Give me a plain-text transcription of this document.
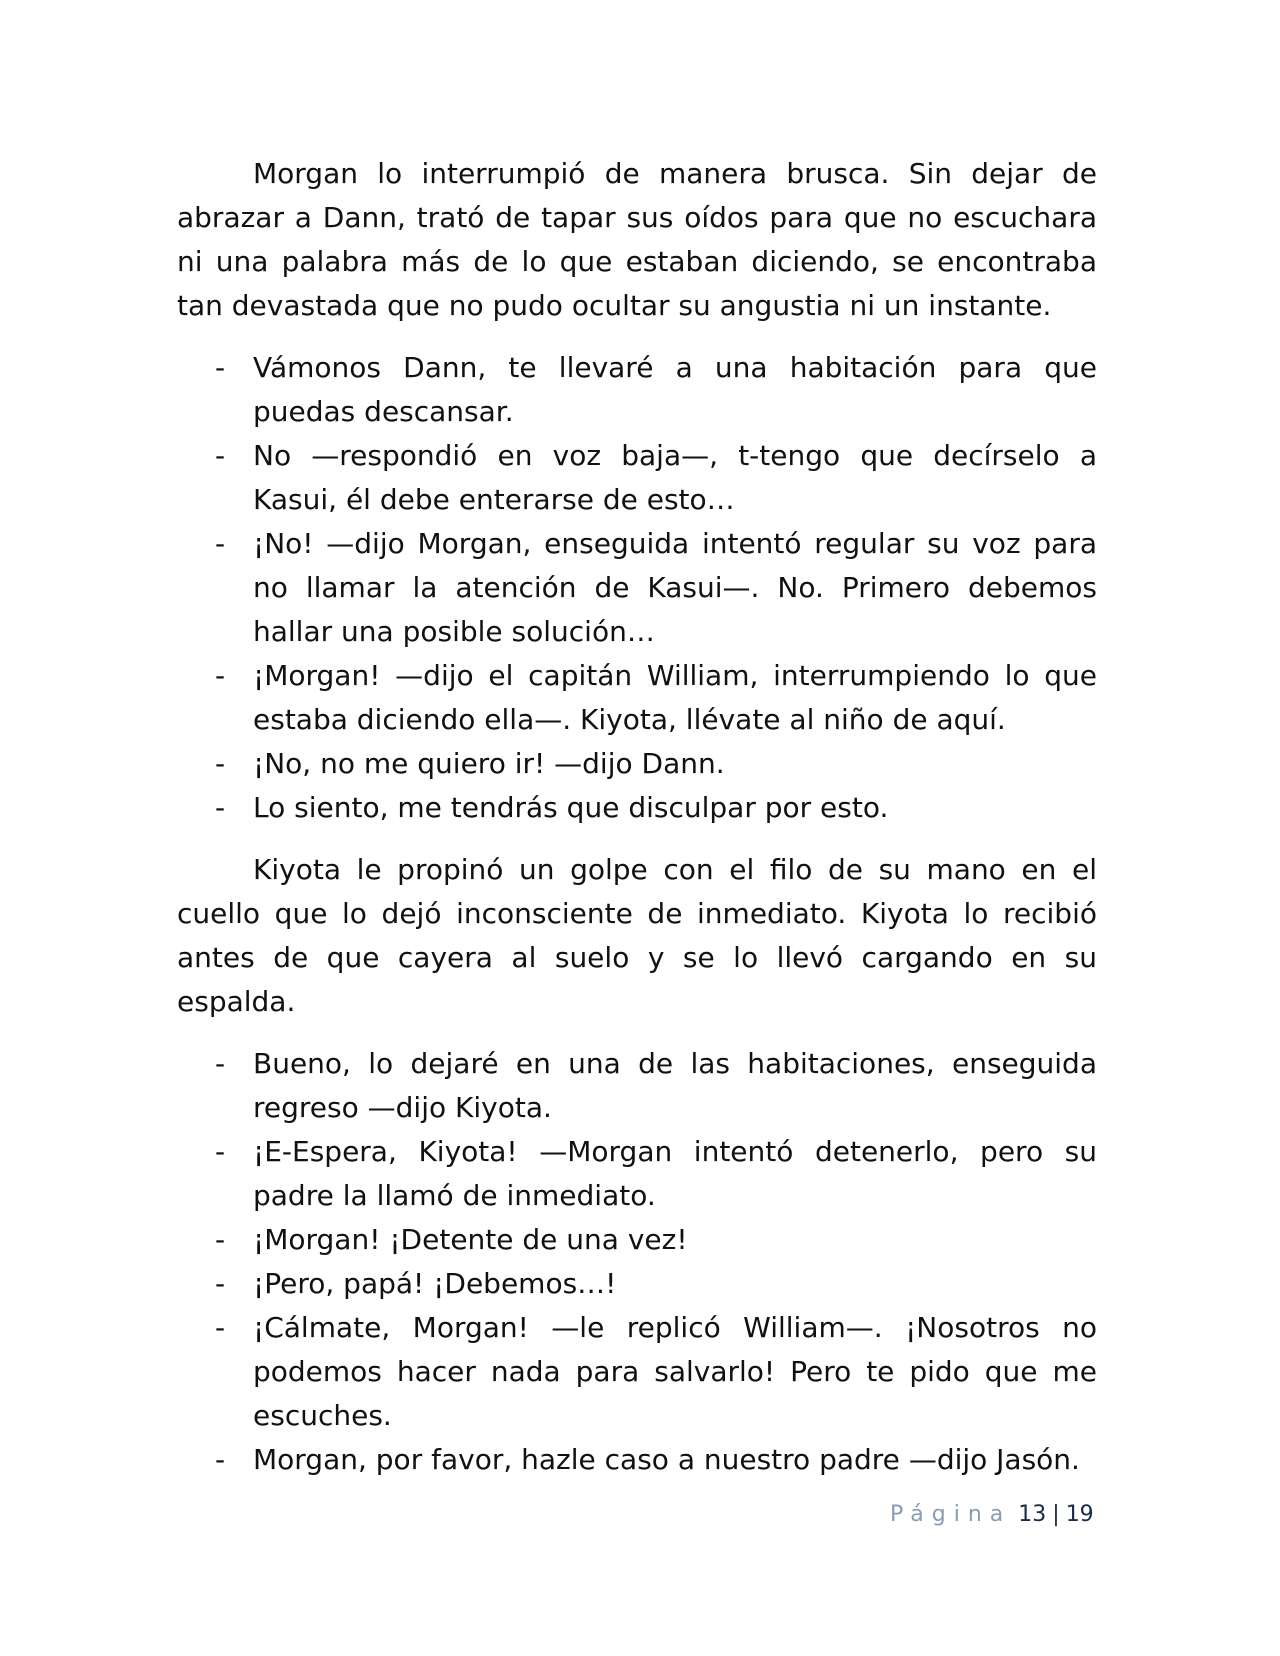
Morgan lo interrumpió de manera brusca. Sin dejar de abrazar a Dann, trató de tapar sus oídos para que no escuchara ni una palabra más de lo que estaban diciendo, se encontraba tan devastada que no pudo ocultar su angustia ni un instante.

- Vámonos Dann, te llevaré a una habitación para que puedas descansar.
- No —respondió en voz baja—, t-tengo que decírselo a Kasui, él debe enterarse de esto…
- ¡No! —dijo Morgan, enseguida intentó regular su voz para no llamar la atención de Kasui—. No. Primero debemos hallar una posible solución…
- ¡Morgan! —dijo el capitán William, interrumpiendo lo que estaba diciendo ella—. Kiyota, llévate al niño de aquí.
- ¡No, no me quiero ir! —dijo Dann.
- Lo siento, me tendrás que disculpar por esto.

Kiyota le propinó un golpe con el filo de su mano en el cuello que lo dejó inconsciente de inmediato. Kiyota lo recibió antes de que cayera al suelo y se lo llevó cargando en su espalda.

- Bueno, lo dejaré en una de las habitaciones, enseguida regreso —dijo Kiyota.
- ¡E-Espera, Kiyota! —Morgan intentó detenerlo, pero su padre la llamó de inmediato.
- ¡Morgan! ¡Detente de una vez!
- ¡Pero, papá! ¡Debemos…!
- ¡Cálmate, Morgan! —le replicó William—. ¡Nosotros no podemos hacer nada para salvarlo! Pero te pido que me escuches.
- Morgan, por favor, hazle caso a nuestro padre —dijo Jasón.
Página 13 | 19
